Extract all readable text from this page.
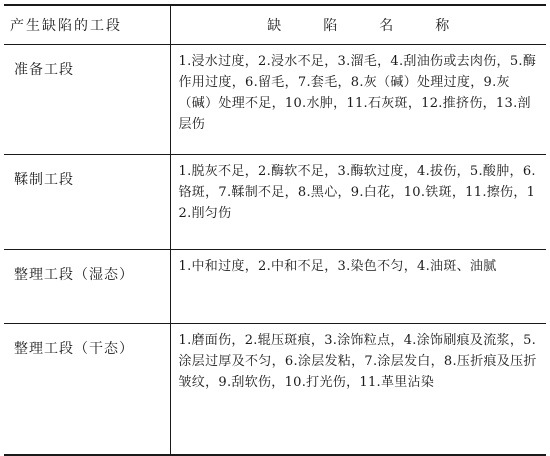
产生缺陷的工段	缺陷名称
准备工段	1.浸水过度，2.浸水不足，3.溜毛，4.刮油伤或去肉伤，5.酶作用过度，6.留毛，7.套毛，8.灰（碱）处理过度，9.灰（碱）处理不足，10.水肿，11.石灰斑，12.推挤伤，13.剖层伤
鞣制工段	1.脱灰不足，2.酶软不足，3.酶软过度，4.拔伤，5.酸肿，6.铬斑，7.鞣制不足，8.黑心，9.白花，10.铁斑，11.擦伤，12.削匀伤
整理工段（湿态）	1.中和过度，2.中和不足，3.染色不匀，4.油斑、油腻
整理工段（干态）	1.磨面伤，2.辊压斑痕，3.涂饰粒点，4.涂饰刷痕及流浆，5.涂层过厚及不匀，6.涂层发粘，7.涂层发白，8.压折痕及压折皱纹，9.刮软伤，10.打光伤，11.革里沾染
